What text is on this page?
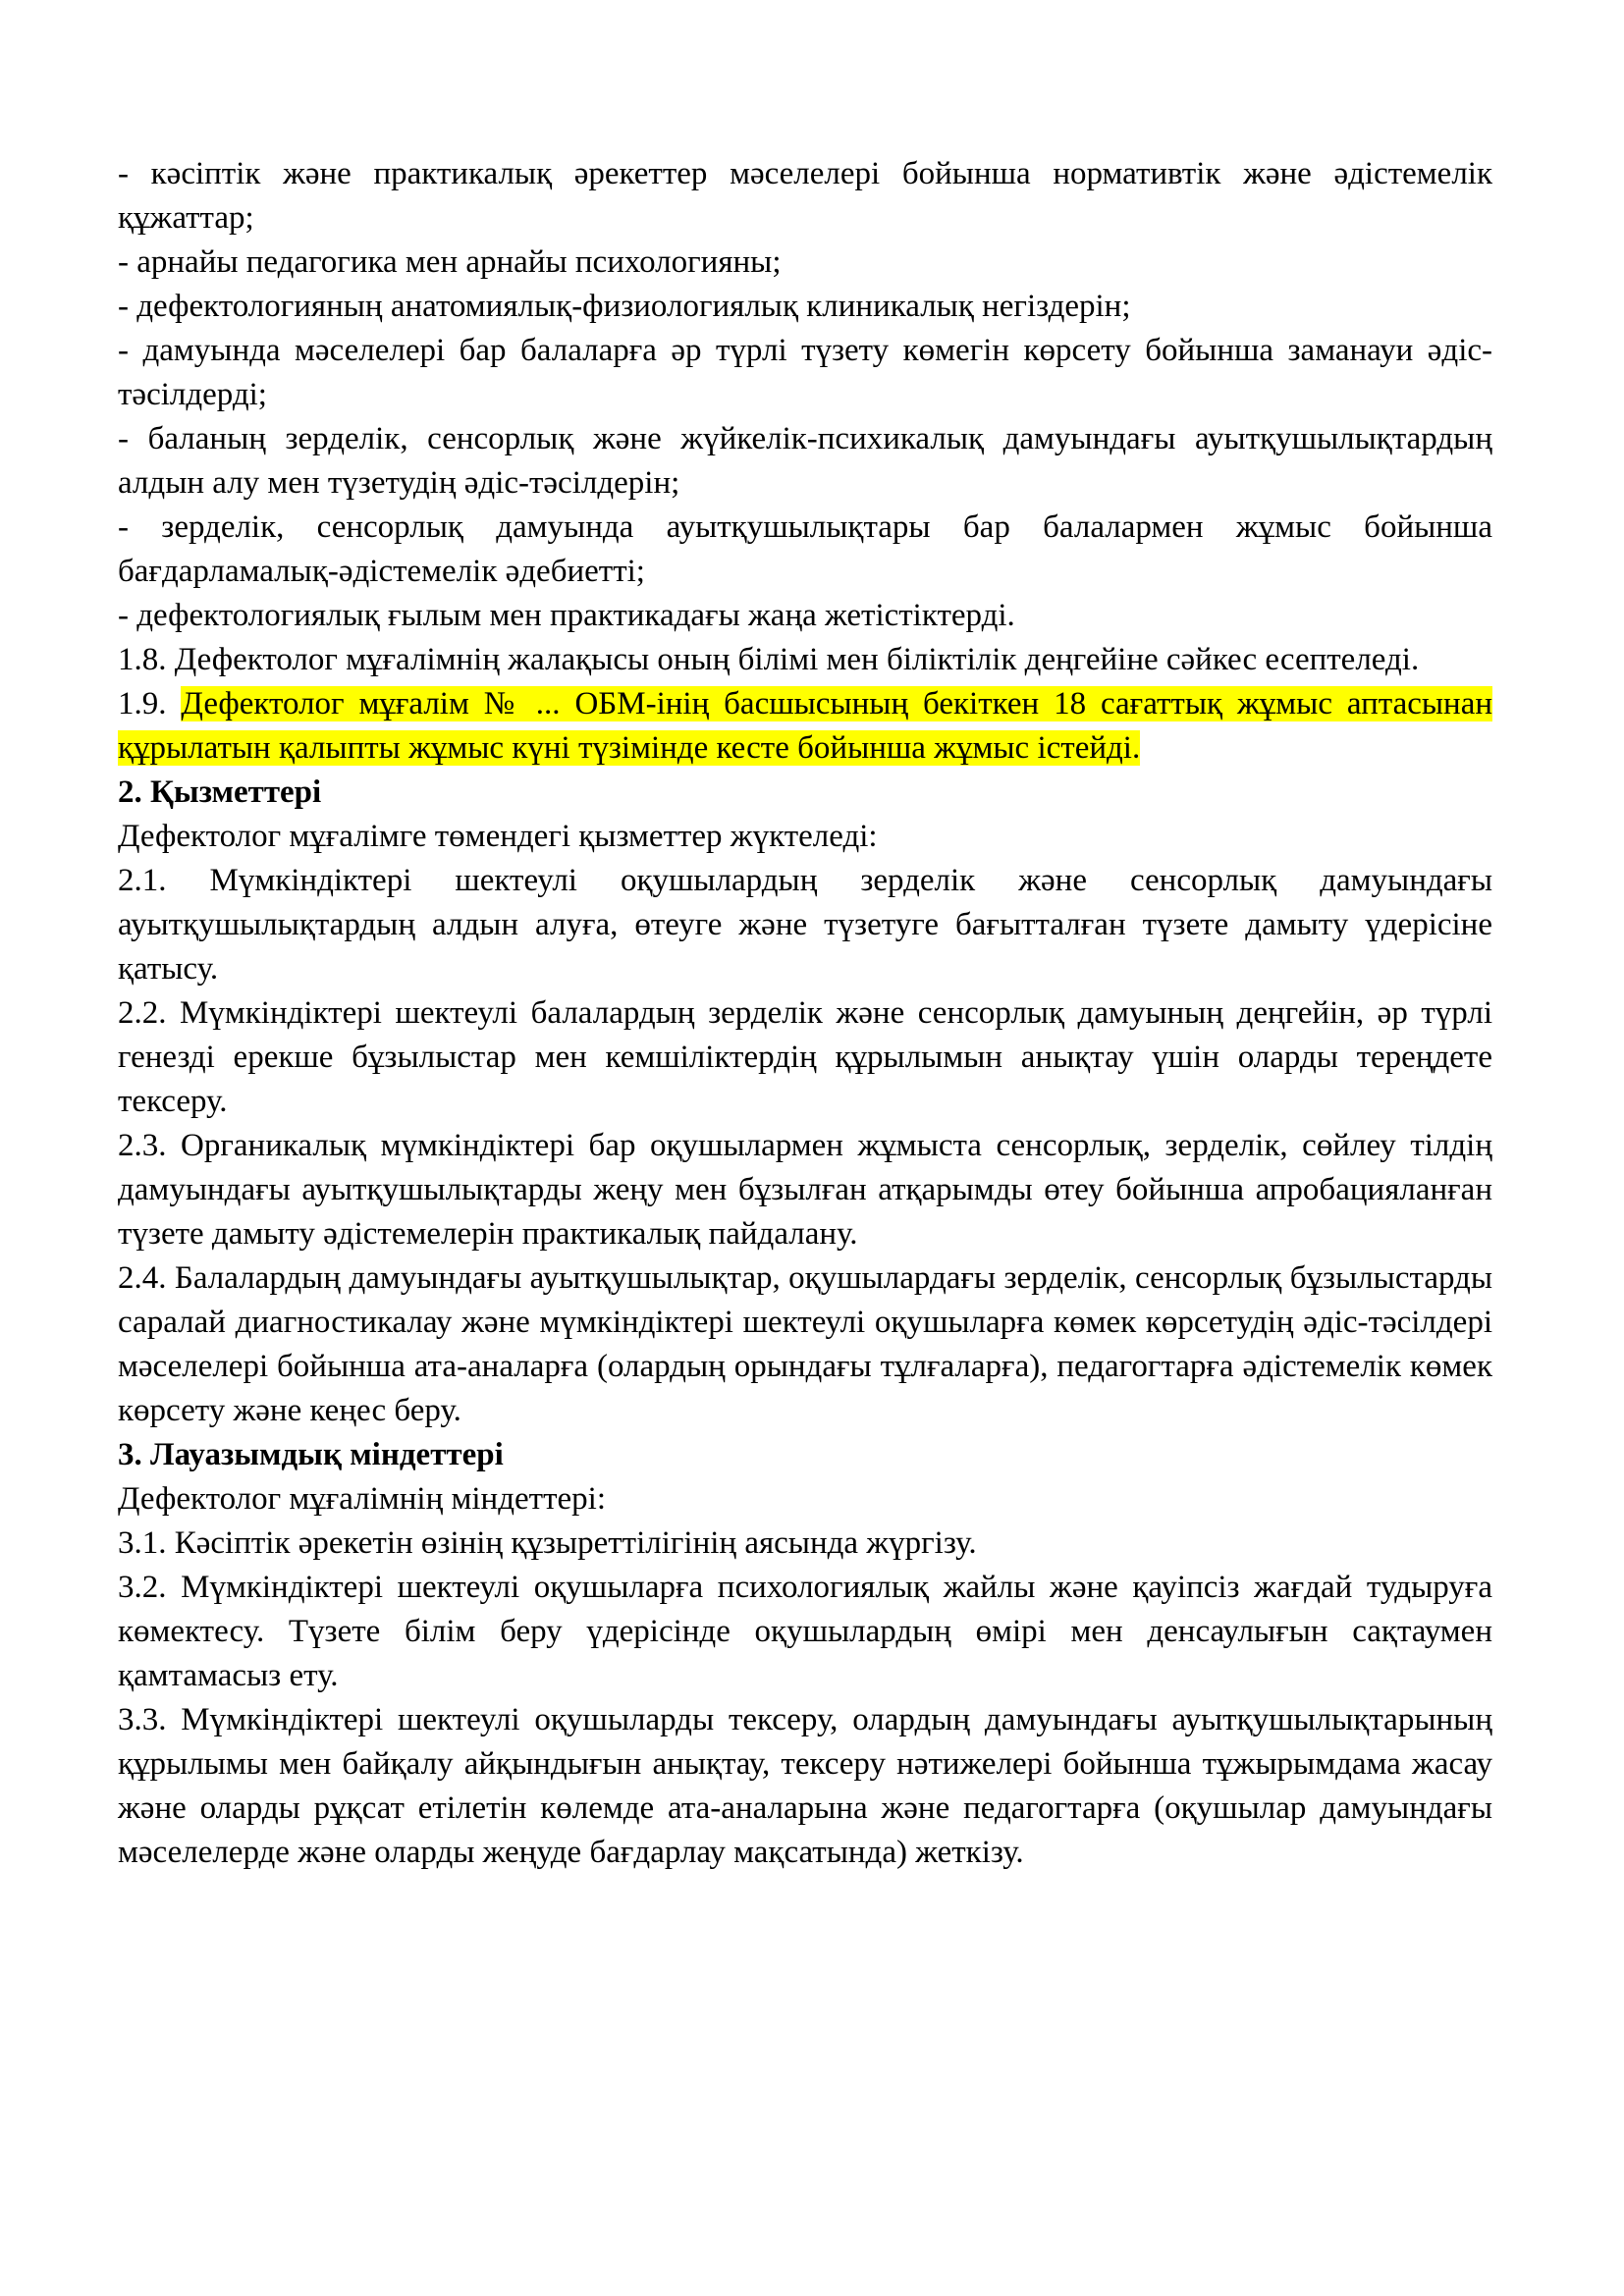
- кәсіптік және практикалық әрекеттер мәселелері бойынша нормативтік және әдістемелік құжаттар;

- арнайы педагогика мен арнайы психологияны;

- дефектологияның анатомиялық-физиологиялық клиникалық негіздерін;

- дамуында мәселелері бар балаларға әр түрлі түзету көмегін көрсету бойынша заманауи әдіс-тәсілдерді;

- баланың зерделік, сенсорлық және жүйкелік-психикалық дамуындағы ауытқушылықтардың алдын алу мен түзетудің әдіс-тәсілдерін;

- зерделік, сенсорлық дамуында ауытқушылықтары бар балалармен жұмыс бойынша бағдарламалық-әдістемелік әдебиетті;

- дефектологиялық ғылым мен практикадағы жаңа жетістіктерді.

1.8. Дефектолог мұғалімнің жалақысы оның білімі мен біліктілік деңгейіне сәйкес есептеледі.

1.9. Дефектолог мұғалім № ... ОБМ-інің басшысының бекіткен 18 сағаттық жұмыс аптасынан құрылатын қалыпты жұмыс күні түзімінде кесте бойынша жұмыс істейді.

2. Қызметтері

Дефектолог мұғалімге төмендегі қызметтер жүктеледі:

2.1. Мүмкіндіктері шектеулі оқушылардың зерделік және сенсорлық дамуындағы ауытқушылықтардың алдын алуға, өтеуге және түзетуге бағытталған түзете дамыту үдерісіне қатысу.

2.2. Мүмкіндіктері шектеулі балалардың зерделік және сенсорлық дамуының деңгейін, әр түрлі генезді ерекше бұзылыстар мен кемшіліктердің құрылымын анықтау үшін оларды тереңдете тексеру.

2.3. Органикалық мүмкіндіктері бар оқушылармен жұмыста сенсорлық, зерделік, сөйлеу тілдің дамуындағы ауытқушылықтарды жеңу мен бұзылған атқарымды өтеу бойынша апробацияланған түзете дамыту әдістемелерін практикалық пайдалану.

2.4. Балалардың дамуындағы ауытқушылықтар, оқушылардағы зерделік, сенсорлық бұзылыстарды саралай диагностикалау және мүмкіндіктері шектеулі оқушыларға көмек көрсетудің әдіс-тәсілдері мәселелері бойынша ата-аналарға (олардың орындағы тұлғаларға), педагогтарға әдістемелік көмек көрсету және кеңес беру.

3. Лауазымдық міндеттері

Дефектолог мұғалімнің міндеттері:

3.1. Кәсіптік әрекетін өзінің құзыреттілігінің аясында жүргізу.

3.2. Мүмкіндіктері шектеулі оқушыларға психологиялық жайлы және қауіпсіз жағдай тудыруға көмектесу. Түзете білім беру үдерісінде оқушылардың өмірі мен денсаулығын сақтаумен қамтамасыз ету.

3.3. Мүмкіндіктері шектеулі оқушыларды тексеру, олардың дамуындағы ауытқушылықтарының құрылымы мен байқалу айқындығын анықтау, тексеру нәтижелері бойынша тұжырымдама жасау және оларды рұқсат етілетін көлемде ата-аналарына және педагогтарға (оқушылар дамуындағы мәселелерде және оларды жеңуде бағдарлау мақсатында) жеткізу.
